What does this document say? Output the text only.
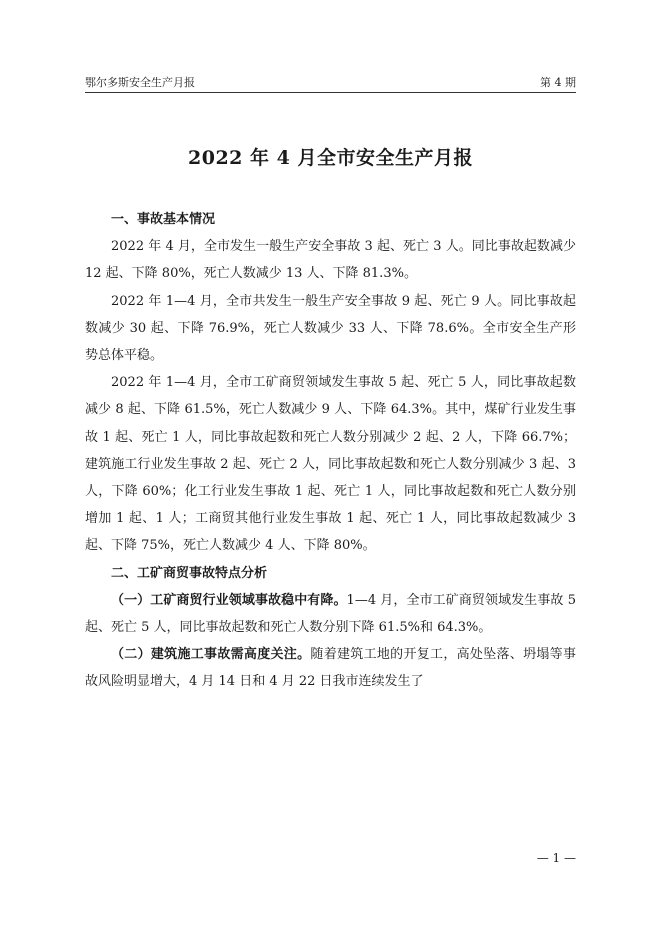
鄂尔多斯安全生产月报	第 4 期
2022 年 4 月全市安全生产月报

一、事故基本情况

2022 年 4 月，全市发生一般生产安全事故 3 起、死亡 3 人。同比事故起数减少 12 起、下降 80%，死亡人数减少 13 人、下降 81.3%。

2022 年 1—4 月，全市共发生一般生产安全事故 9 起、死亡 9 人。同比事故起数减少 30 起、下降 76.9%，死亡人数减少 33 人、下降 78.6%。全市安全生产形势总体平稳。

2022 年 1—4 月，全市工矿商贸领域发生事故 5 起、死亡 5 人，同比事故起数减少 8 起、下降 61.5%，死亡人数减少 9 人、下降 64.3%。其中，煤矿行业发生事故 1 起、死亡 1 人，同比事故起数和死亡人数分别减少 2 起、2 人，下降 66.7%；建筑施工行业发生事故 2 起、死亡 2 人，同比事故起数和死亡人数分别减少 3 起、3 人，下降 60%；化工行业发生事故 1 起、死亡 1 人，同比事故起数和死亡人数分别增加 1 起、1 人；工商贸其他行业发生事故 1 起、死亡 1 人，同比事故起数减少 3 起、下降 75%，死亡人数减少 4 人、下降 80%。

二、工矿商贸事故特点分析

（一）工矿商贸行业领域事故稳中有降。1—4 月，全市工矿商贸领域发生事故 5 起、死亡 5 人，同比事故起数和死亡人数分别下降 61.5%和 64.3%。

（二）建筑施工事故需高度关注。随着建筑工地的开复工，高处坠落、坍塌等事故风险明显增大，4 月 14 日和 4 月 22 日我市连续发生了

— 1 —
